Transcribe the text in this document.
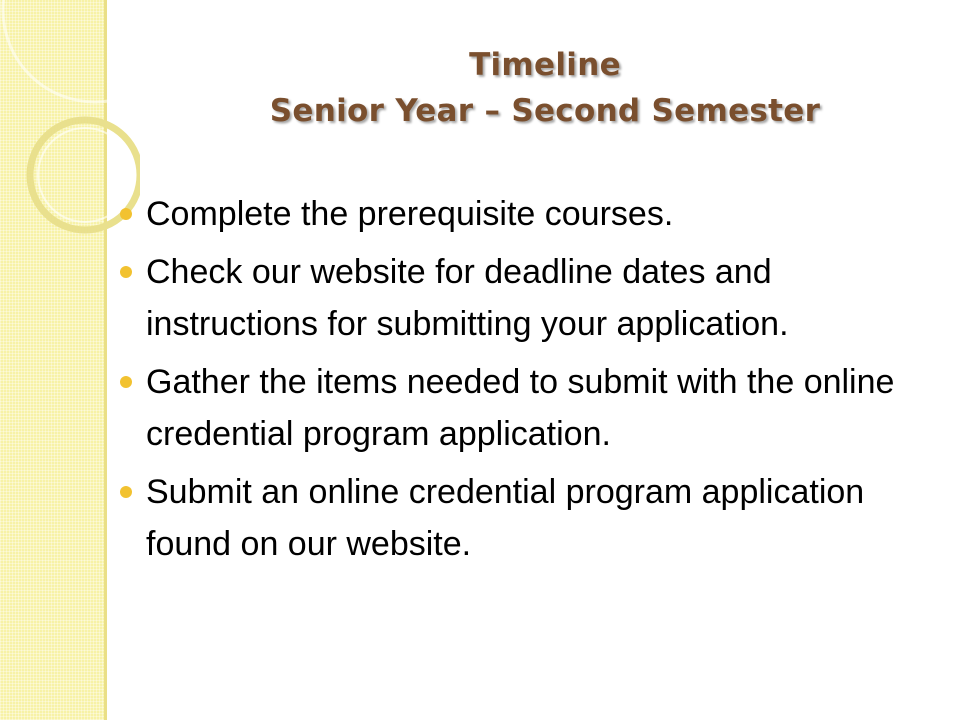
Timeline
Senior Year – Second Semester
Complete the prerequisite courses.
Check our website for deadline dates and instructions for submitting your application.
Gather the items needed to submit with the online credential program application.
Submit an online credential program application found on our website.
